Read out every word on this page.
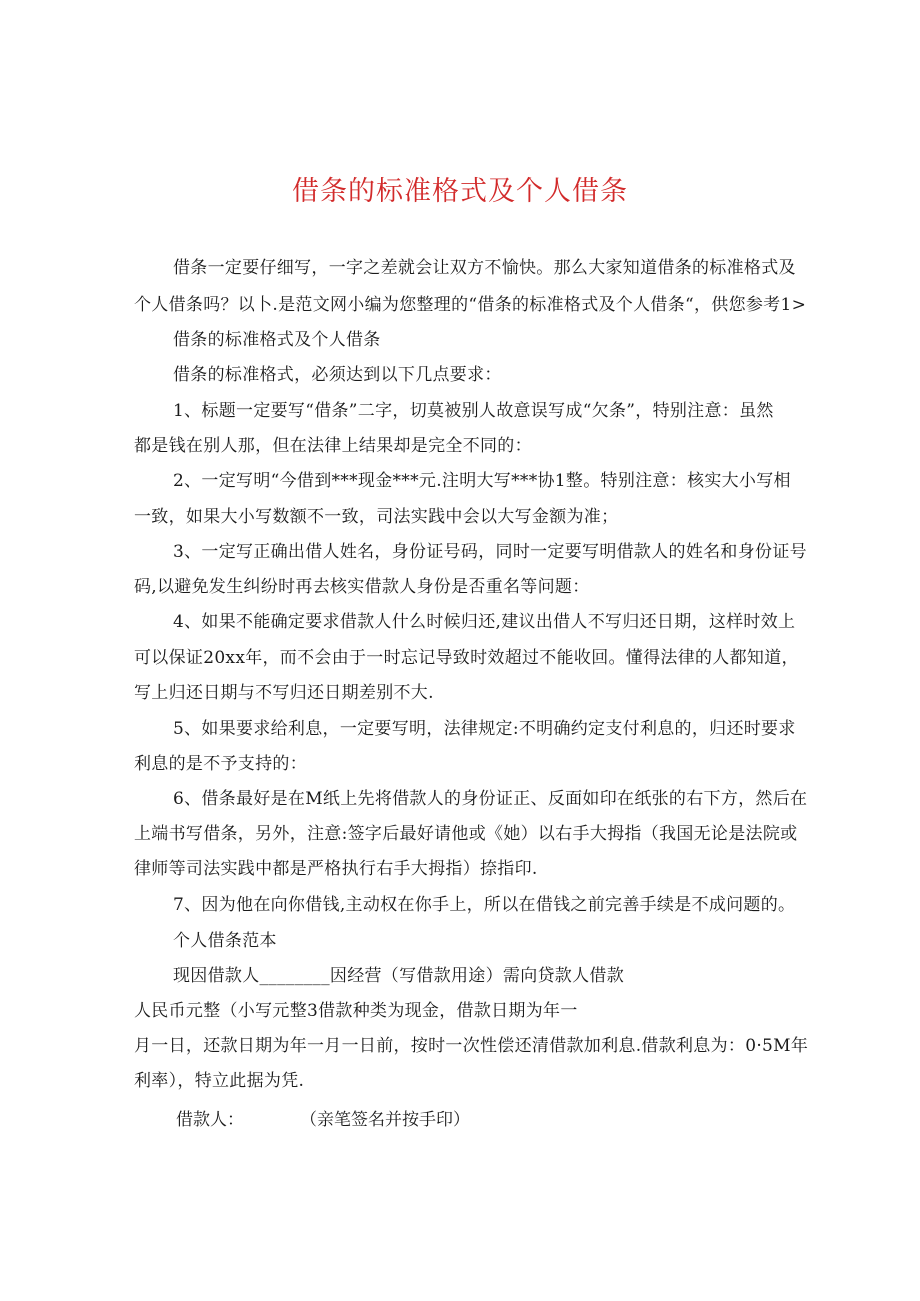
借条的标准格式及个人借条
借条一定要仔细写，一字之差就会让双方不愉快。那么大家知道借条的标准格式及
个人借条吗？以卜.是范文网小编为您整理的“借条的标准格式及个人借条“，供您参考1>
借条的标准格式及个人借条
借条的标准格式，必须达到以下几点要求：
1、标题一定要写“借条”二字，切莫被别人故意误写成“欠条”，特别注意：虽然
都是钱在别人那，但在法律上结果却是完全不同的：
2、一定写明“今借到***现金***元.注明大写***协1整。特别注意：核实大小写相
一致，如果大小写数额不一致，司法实践中会以大写金额为准；
3、一定写正确出借人姓名，身份证号码，同时一定要写明借款人的姓名和身份证号
码,以避免发生纠纷时再去核实借款人身份是否重名等问题：
4、如果不能确定要求借款人什么时候归还,建议出借人不写归还日期，这样时效上
可以保证20xx年，而不会由于一时忘记导致时效超过不能收回。懂得法律的人都知道，
写上归还日期与不写归还日期差别不大.
5、如果要求给利息，一定要写明，法律规定:不明确约定支付利息的，归还时要求
利息的是不予支持的：
6、借条最好是在M纸上先将借款人的身份证正、反面如印在纸张的右下方，然后在
上端书写借条，另外，注意:签字后最好请他或《她）以右手大拇指（我国无论是法院或
律师等司法实践中都是严格执行右手大拇指）捺指印.
7、因为他在向你借钱,主动权在你手上，所以在借钱之前完善手续是不成问题的。
个人借条范本
现因借款人________因经营（写借款用途）需向贷款人借款
人民币元整（小写元整3借款种类为现金，借款日期为年一
月一日，还款日期为年一月一日前，按时一次性偿还清借款加利息.借款利息为：0·5M年
利率），特立此据为凭.
借款人：	（亲笔签名并按手印）
